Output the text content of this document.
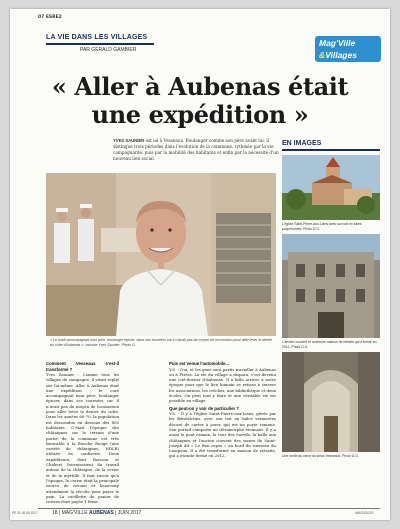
07 ESRE2
LA VIE DANS LES VILLAGES
PAR GÉRALD GAMBIER
Mag'Ville
&Villages
« Aller à Aubenas était une expédition »
YVES SAUNIER est né à Vesseaux. Boulanger comme son père avant lui, il distingue trois périodes dans l'évolution de la commune, rythmée par la vie campagnarde, puis par la mobilité des habitants et enfin par la nécessité d'un nouveau lien social.
« Le lundi accompagnait mon père, boulanger épicier, dans ses tournées car il n'avait pas de moyen de locomotion pour aller lever le denier du culte d'Aubenas », raconte Yves Saunier. Photo G.
Comment Vesseaux s'est-il transformé ?
Yves Saunier : Comme tous les villages de campagne, il vivait replié sur lui-même. Aller à Aubenas était une expédition ; le curé accompagnait mon père, boulanger épicier, dans ses tournées car il n'avait pas de moyen de locomotion pour aller lever le denier du culte. Dans les années 60-70, la population est descendue en dessous des 800 habitants. C'était l'époque des châtaignes car le terrain d'une partie de la commune est très favorable à la Bouche Rouge (une variété de châtaignes, NDLR) utilisée en confiserie. Deux expéditeurs, dont Boisson et Chabert, fournissaient du travail autour de la châtaigne, de la cerise et de la myrtille. Il faut savoir qu'à l'époque, la cerise était la principale source de revenu et beaucoup attendaient la récolte pour payer le pain. La cueillette du panier de cerises était payée 1 franc.
Puis est venue l'automobile...
Y.S. : Oui, et les gens sont partis travailler à Aubenas ou à Privas. La vie du village a disparu, c'est devenu une cité-dortoir d'Aubenas. Il a fallu arriver à notre époque pour que le lien humain se retisse à travers les associations, les crèches, une bibliothèque et deux écoles. On peut tout y faire et une véritable vie est possible au village.
Que peut-on y voir de particulier ?
Y.S. : Il y a l'église Saint-Pierre-aux-Liens, gérée par les Bénédictins, avec son toit en tuiles vernissées décoré de cartes à jouer, qui est un porte romane. Son portail comporte un tétramorphe étonnant. Il y a aussi le pont romain, la tour des Survils, la halle aux châtaignes et l'ancien couvent des sœurs de Saint-Joseph dit « Le Bon repos » au bord du ruisseau du Lioupoux. Il a été transformé en maison de retraite, qui a ensuite fermé en 2012.
EN IMAGES
L'église Saint-Pierre-aux-Liens avec son toit en tuiles polychromes. Photo D.G.
L'ancien couvent et ancienne maison de retraite qui a fermé en 2012. Photo D.G.
Une ruelle au cœur du vieux Vesseaux. Photo D.G.
18 | MAG'VILLE AUBENAS | JUIN 2017	MAG0301S
PE 31 06 09 2017
